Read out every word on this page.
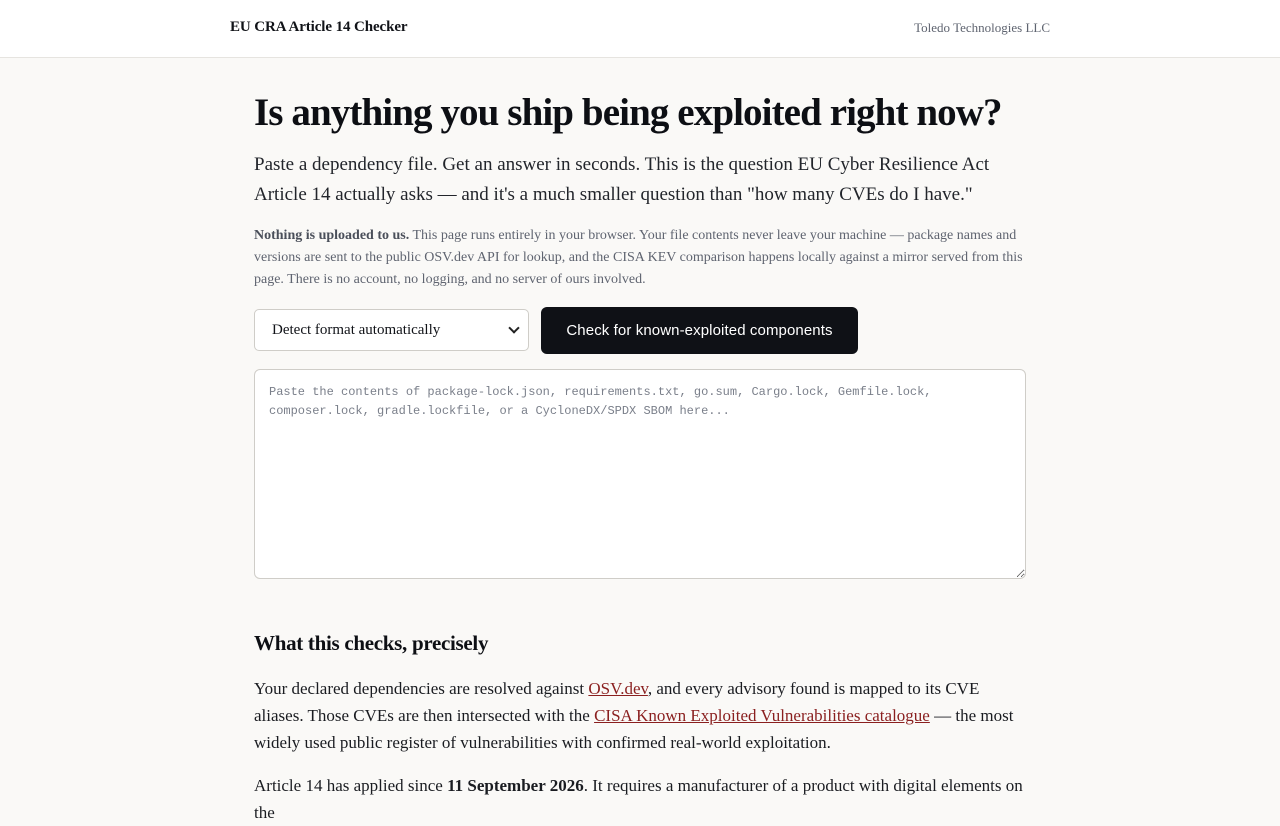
EU CRA Article 14 Checker	Toledo Technologies LLC
Is anything you ship being exploited right now?

Paste a dependency file. Get an answer in seconds. This is the question EU Cyber Resilience Act Article 14 actually asks — and it's a much smaller question than "how many CVEs do I have."

Nothing is uploaded to us. This page runs entirely in your browser. Your file contents never leave your machine — package names and versions are sent to the public OSV.dev API for lookup, and the CISA KEV comparison happens locally against a mirror served from this page. There is no account, no logging, and no server of ours involved.

Detect format automatically	Check for known-exploited components
Paste the contents of package-lock.json, requirements.txt, go.sum, Cargo.lock, Gemfile.lock, composer.lock, gradle.lockfile, or a CycloneDX/SPDX SBOM here...
What this checks, precisely

Your declared dependencies are resolved against OSV.dev, and every advisory found is mapped to its CVE aliases. Those CVEs are then intersected with the CISA Known Exploited Vulnerabilities catalogue — the most widely used public register of vulnerabilities with confirmed real-world exploitation.

Article 14 has applied since 11 September 2026. It requires a manufacturer of a product with digital elements on the
